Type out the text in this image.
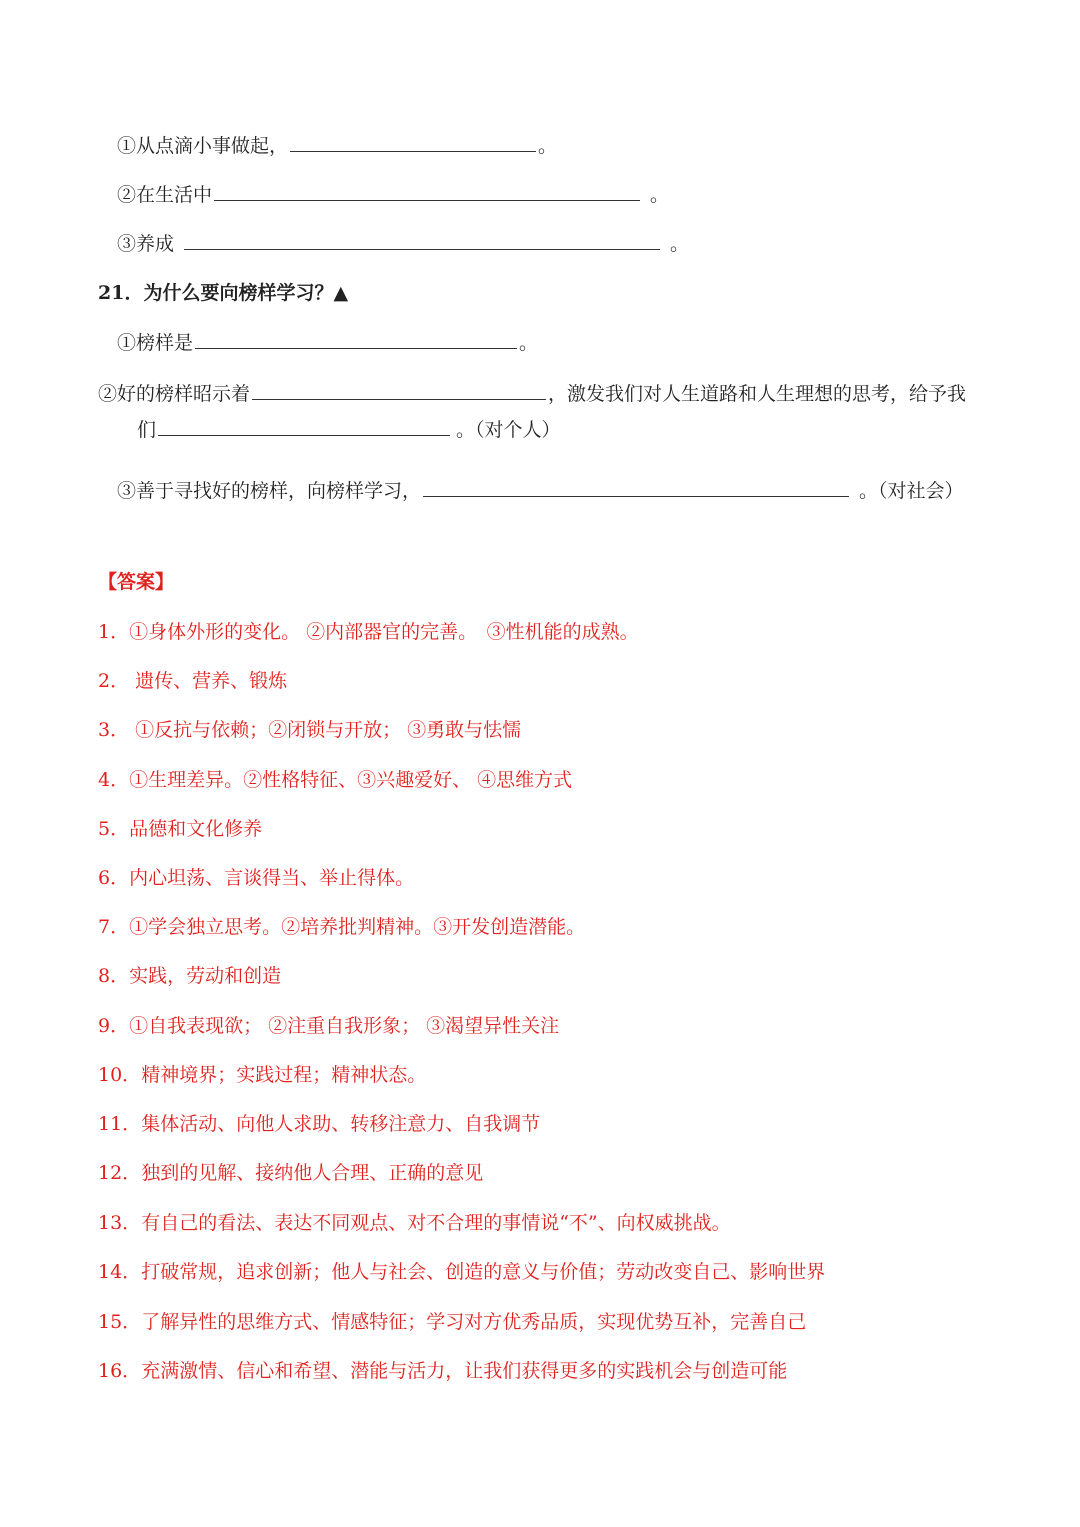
①从点滴小事做起，	。
②在生活中	。
③养成	。
21．为什么要向榜样学习？▲
①榜样是	。
②好的榜样昭示着	，激发我们对人生道路和人生理想的思考，给予我
们	。（对个人）
③善于寻找好的榜样，向榜样学习，	。（对社会）
【答案】
1．①身体外形的变化。 ②内部器官的完善。　③性机能的成熟。
2． 遗传、营养、锻炼
3． ①反抗与依赖；②闭锁与开放； ③勇敢与怯懦
4．①生理差异。②性格特征、③兴趣爱好、 ④思维方式
5．品德和文化修养
6．内心坦荡、言谈得当、举止得体。
7．①学会独立思考。②培养批判精神。③开发创造潜能。
8．实践，劳动和创造
9．①自我表现欲； ②注重自我形象； ③渴望异性关注
10．精神境界；实践过程；精神状态。
11．集体活动、向他人求助、转移注意力、自我调节
12．独到的见解、接纳他人合理、正确的意见
13．有自己的看法、表达不同观点、对不合理的事情说“不”、向权威挑战。
14．打破常规，追求创新；他人与社会、创造的意义与价值；劳动改变自己、影响世界
15．了解异性的思维方式、情感特征；学习对方优秀品质，实现优势互补，完善自己
16．充满激情、信心和希望、潜能与活力，让我们获得更多的实践机会与创造可能
